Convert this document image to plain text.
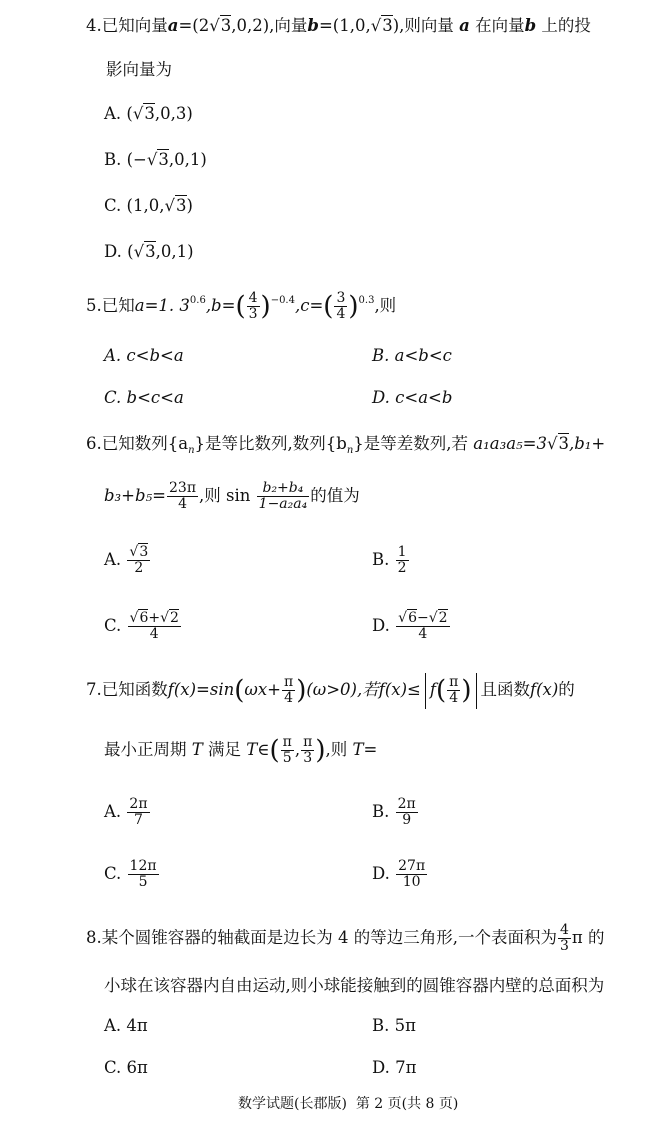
4.已知向量a=(2√3,0,2),向量b=(1,0,√3),则向量 a 在向量b 上的投
影向量为
A. (√3,0,3)
B. (−√3,0,1)
C. (1,0,√3)
D. (√3,0,1)
5.已知a=1. $3^{0.6},b=( \frac{4}{3} )^{-0.4},c=( \frac{3}{4} )^{0.3}$,则
A. c<b<a	B. a<b<c
C. b<c<a	D. c<a<b
6.已知数列$\{a_n\}$是等比数列,数列$\{b_n\}$是等差数列,若 a₁a₃a₅=3√3,b₁+
$b_3+b_5= \frac{23\pi}{4}$ ,则 $\sin \frac{\text{b₂+b₄}}{\text{1−a₂a₄}}$ 的值为
A. $\frac{√3}{2}$	B. $\frac{1}{2}$
C. $\frac{√6+√2}{4}$	D. $\frac{√6-√2}{4}$
7.已知函数$f(x)=\sin(\omega x+ \frac{\pi}{4} )(\omega>0)$,若$f(x)\le f( \frac{\pi}{4}$ ) 且函数f(x)的
最小正周期 T 满足 T∈( $\frac{\pi}{5}$ , $\frac{\pi}{3}$ ),则 T=
A. $\frac{2\pi}{7}$	B. $\frac{2\pi}{9}$
C. $\frac{12\pi}{5}$	D. $\frac{27\pi}{10}$
8.某个圆锥容器的轴截面是边长为 4 的等边三角形,一个表面积为 $\frac{4}{3}$ π 的
小球在该容器内自由运动,则小球能接触到的圆锥容器内壁的总面积为
A. 4π	B. 5π
C. 6π	D. 7π
数学试题(长郡版)  第 2 页(共 8 页)
